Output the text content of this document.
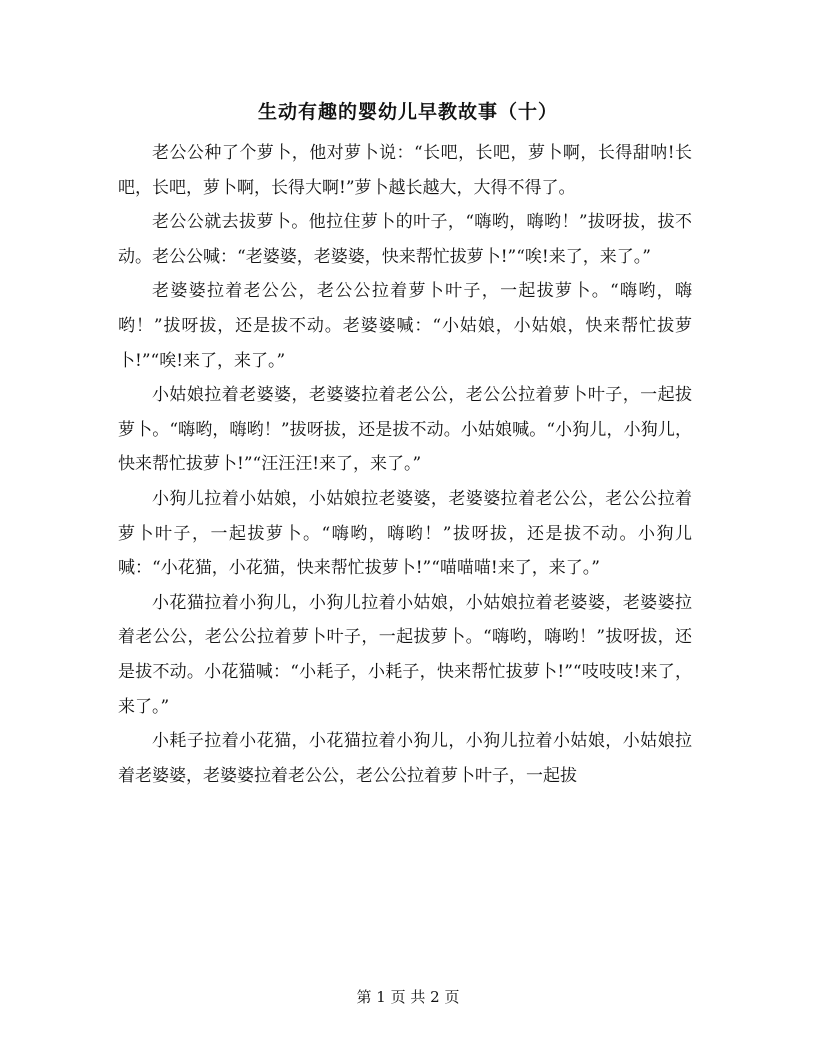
生动有趣的婴幼儿早教故事（十）

老公公种了个萝卜，他对萝卜说：“长吧，长吧，萝卜啊，长得甜呐!长吧，长吧，萝卜啊，长得大啊!”萝卜越长越大，大得不得了。

老公公就去拔萝卜。他拉住萝卜的叶子，“嗨哟，嗨哟！”拔呀拔，拔不动。老公公喊：“老婆婆，老婆婆，快来帮忙拔萝卜!”“唉!来了，来了。”

老婆婆拉着老公公，老公公拉着萝卜叶子，一起拔萝卜。“嗨哟，嗨哟！”拔呀拔，还是拔不动。老婆婆喊：“小姑娘，小姑娘，快来帮忙拔萝卜!”“唉!来了，来了。”

小姑娘拉着老婆婆，老婆婆拉着老公公，老公公拉着萝卜叶子，一起拔萝卜。“嗨哟，嗨哟！”拔呀拔，还是拔不动。小姑娘喊。“小狗儿，小狗儿，快来帮忙拔萝卜!”“汪汪汪!来了，来了。”

小狗儿拉着小姑娘，小姑娘拉老婆婆，老婆婆拉着老公公，老公公拉着萝卜叶子，一起拔萝卜。“嗨哟，嗨哟！”拔呀拔，还是拔不动。小狗儿喊：“小花猫，小花猫，快来帮忙拔萝卜!”“喵喵喵!来了，来了。”

小花猫拉着小狗儿，小狗儿拉着小姑娘，小姑娘拉着老婆婆，老婆婆拉着老公公，老公公拉着萝卜叶子，一起拔萝卜。“嗨哟，嗨哟！”拔呀拔，还是拔不动。小花猫喊：“小耗子，小耗子，快来帮忙拔萝卜!”“吱吱吱!来了，来了。”

小耗子拉着小花猫，小花猫拉着小狗儿，小狗儿拉着小姑娘，小姑娘拉着老婆婆，老婆婆拉着老公公，老公公拉着萝卜叶子，一起拔

第 1 页 共 2 页
